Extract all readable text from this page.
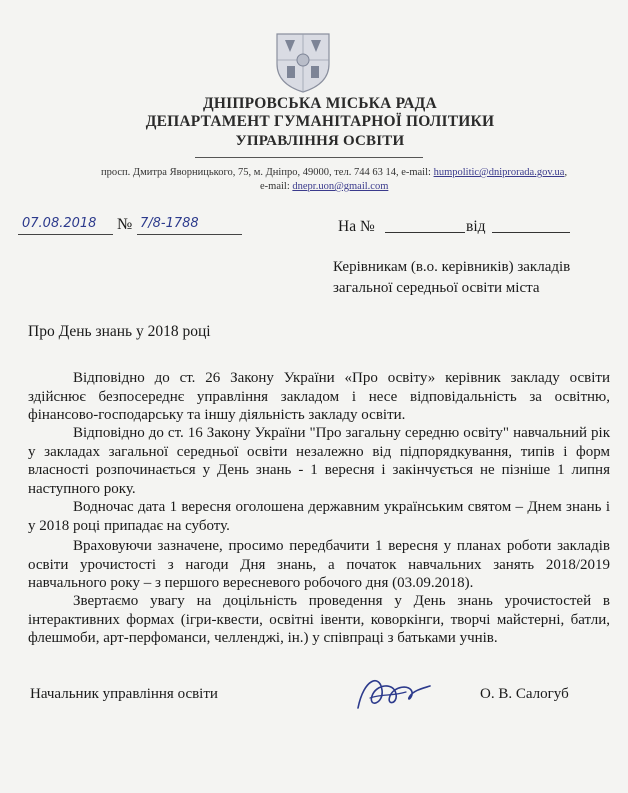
ДНІПРОВСЬКА МІСЬКА РАДА
ДЕПАРТАМЕНТ ГУМАНІТАРНОЇ ПОЛІТИКИ
УПРАВЛІННЯ ОСВІТИ
просп. Дмитра Яворницького, 75, м. Дніпро, 49000, тел. 744 63 14, e-mail: humpolitic@dniprorada.gov.ua,
e-mail: dnepr.uon@gmail.com
07.08.2018 № 7/8-1788	На №	від
Керівникам (в.о. керівників) закладів
загальної середньої освіти міста
Про День знань у 2018 році
Відповідно до ст. 26 Закону України «Про освіту» керівник закладу освіти здійснює безпосереднє управління закладом і несе відповідальність за освітню, фінансово-господарську та іншу діяльність закладу освіти.
Відповідно до ст. 16 Закону України "Про загальну середню освіту" навчальний рік у закладах загальної середньої освіти незалежно від підпорядкування, типів і форм власності розпочинається у День знань - 1 вересня і закінчується не пізніше 1 липня наступного року.
Водночас дата 1 вересня оголошена державним українським святом – Днем знань і у 2018 році припадає на суботу.
Враховуючи зазначене, просимо передбачити 1 вересня у планах роботи закладів освіти урочистості з нагоди Дня знань, а початок навчальних занять 2018/2019 навчального року – з першого вересневого робочого дня (03.09.2018).
Звертаємо увагу на доцільність проведення у День знань урочистостей в інтерактивних формах (ігри-квести, освітні івенти, коворкінги, творчі майстерні, батли, флешмоби, арт-перфоманси, челленджі, ін.) у співпраці з батьками учнів.
Начальник управління освіти	О. В. Салогуб
